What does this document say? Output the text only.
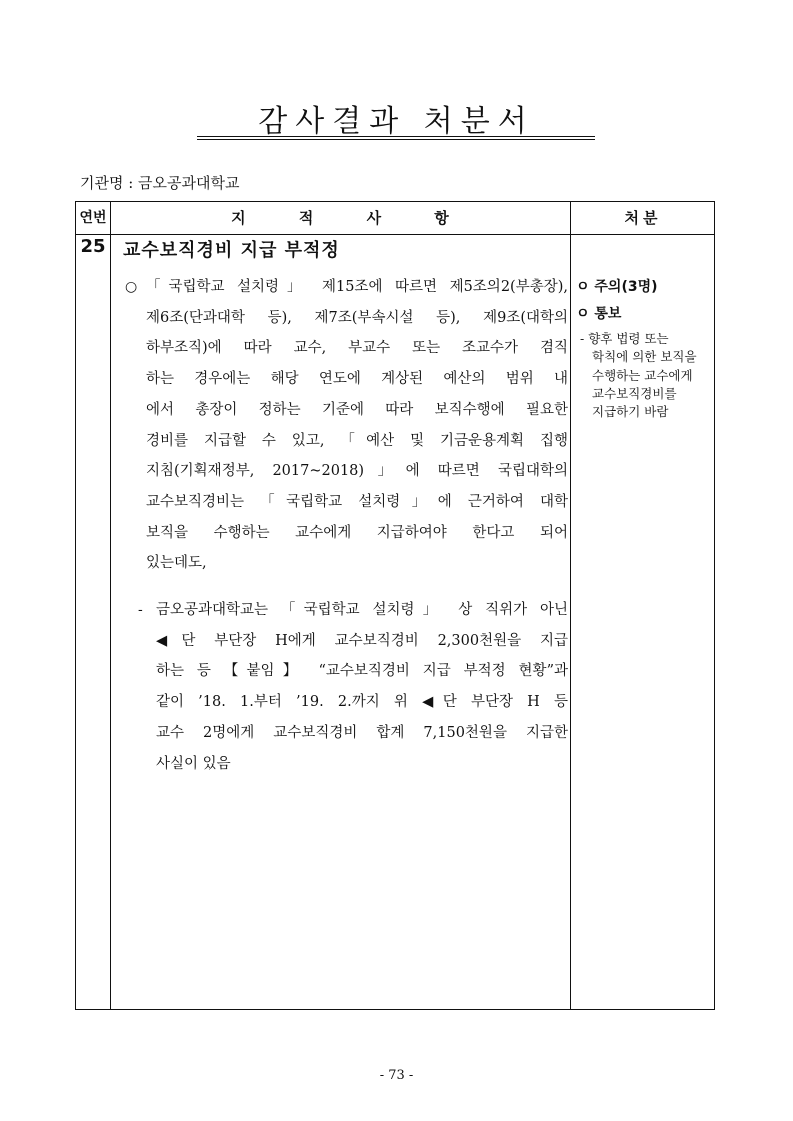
감사결과 처분서
기관명 : 금오공과대학교
연번	지 적 사 항	처분
25 교수보직경비 지급 부적정
○ 「국립학교 설치령」 제15조에 따르면 제5조의2(부총장),
제6조(단과대학 등), 제7조(부속시설 등), 제9조(대학의
하부조직)에 따라 교수, 부교수 또는 조교수가 겸직
하는 경우에는 해당 연도에 계상된 예산의 범위 내
에서 총장이 정하는 기준에 따라 보직수행에 필요한
경비를 지급할 수 있고, 「예산 및 기금운용계획 집행
지침(기획재정부, 2017~2018)」에 따르면 국립대학의
교수보직경비는 「국립학교 설치령」에 근거하여 대학
보직을 수행하는 교수에게 지급하여야 한다고 되어
있는데도,
- 금오공과대학교는 「국립학교 설치령」 상 직위가 아닌
◀단 부단장 H에게 교수보직경비 2,300천원을 지급
하는 등 【붙임】 “교수보직경비 지급 부적정 현황”과
같이 ’18. 1.부터 ’19. 2.까지 위 ◀단 부단장 H 등
교수 2명에게 교수보직경비 합계 7,150천원을 지급한
사실이 있음
ㅇ 주의(3명)
ㅇ 통보
- 향후 법령 또는
학칙에 의한 보직을
수행하는 교수에게
교수보직경비를
지급하기 바람
- 73 -
